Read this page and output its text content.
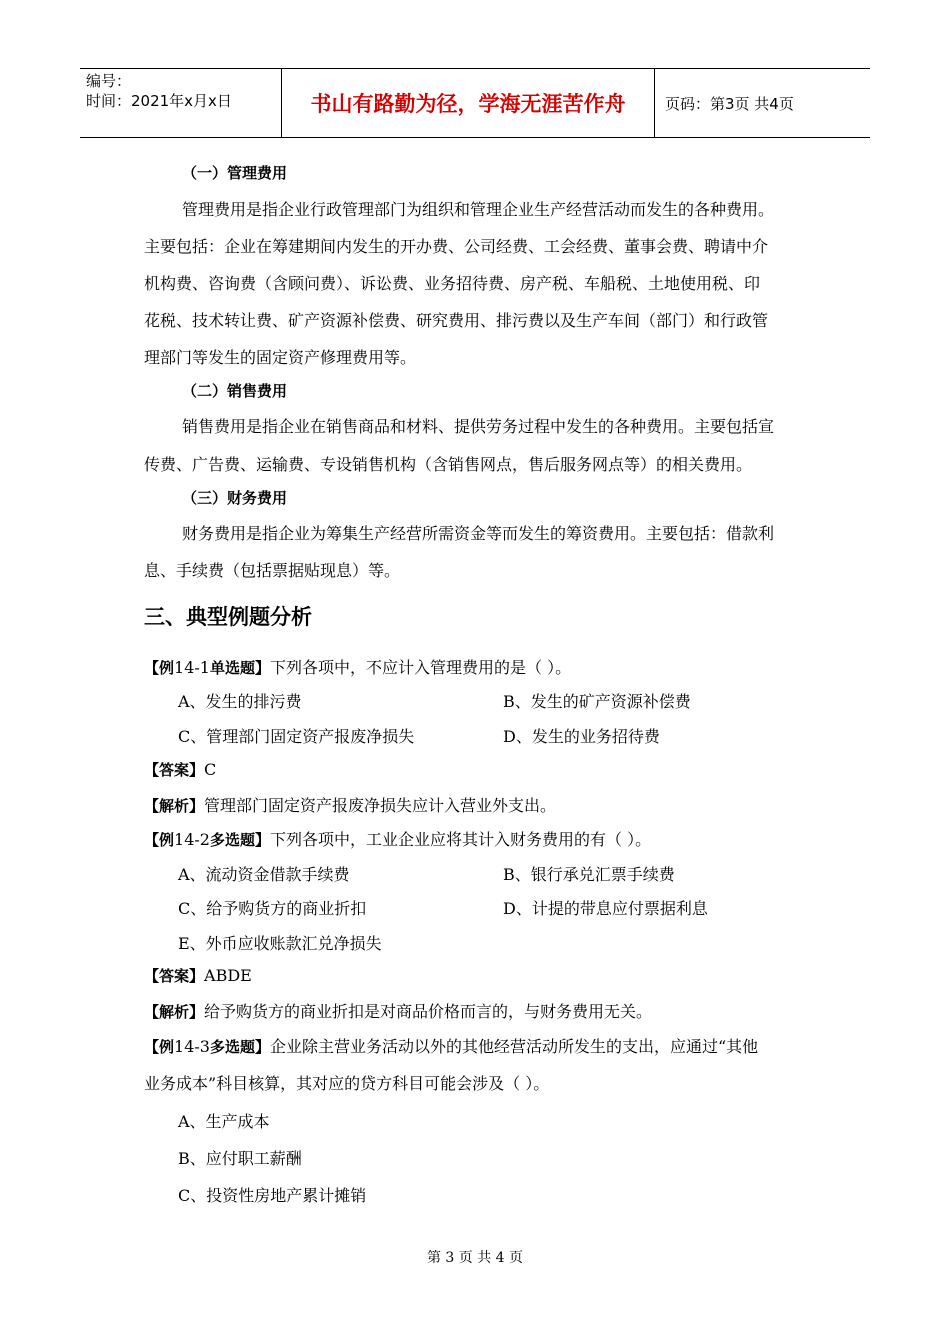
编号：
时间：2021年x月x日	书山有路勤为径，学海无涯苦作舟	页码：第3页 共4页
（一）管理费用
管理费用是指企业行政管理部门为组织和管理企业生产经营活动而发生的各种费用。
主要包括：企业在筹建期间内发生的开办费、公司经费、工会经费、董事会费、聘请中介
机构费、咨询费（含顾问费）、诉讼费、业务招待费、房产税、车船税、土地使用税、印
花税、技术转让费、矿产资源补偿费、研究费用、排污费以及生产车间（部门）和行政管
理部门等发生的固定资产修理费用等。
（二）销售费用
销售费用是指企业在销售商品和材料、提供劳务过程中发生的各种费用。主要包括宣
传费、广告费、运输费、专设销售机构（含销售网点，售后服务网点等）的相关费用。
（三）财务费用
财务费用是指企业为筹集生产经营所需资金等而发生的筹资费用。主要包括：借款利
息、手续费（包括票据贴现息）等。
三、典型例题分析
【例14-1单选题】下列各项中，不应计入管理费用的是（ ）。
A、发生的排污费	B、发生的矿产资源补偿费
C、管理部门固定资产报废净损失	D、发生的业务招待费
【答案】C
【解析】管理部门固定资产报废净损失应计入营业外支出。
【例14-2多选题】下列各项中，工业企业应将其计入财务费用的有（ ）。
A、流动资金借款手续费	B、银行承兑汇票手续费
C、给予购货方的商业折扣	D、计提的带息应付票据利息
E、外币应收账款汇兑净损失
【答案】ABDE
【解析】给予购货方的商业折扣是对商品价格而言的，与财务费用无关。
【例14-3多选题】企业除主营业务活动以外的其他经营活动所发生的支出，应通过“其他
业务成本”科目核算，其对应的贷方科目可能会涉及（ ）。
A、生产成本
B、应付职工薪酬
C、投资性房地产累计摊销
第 3 页 共 4 页
